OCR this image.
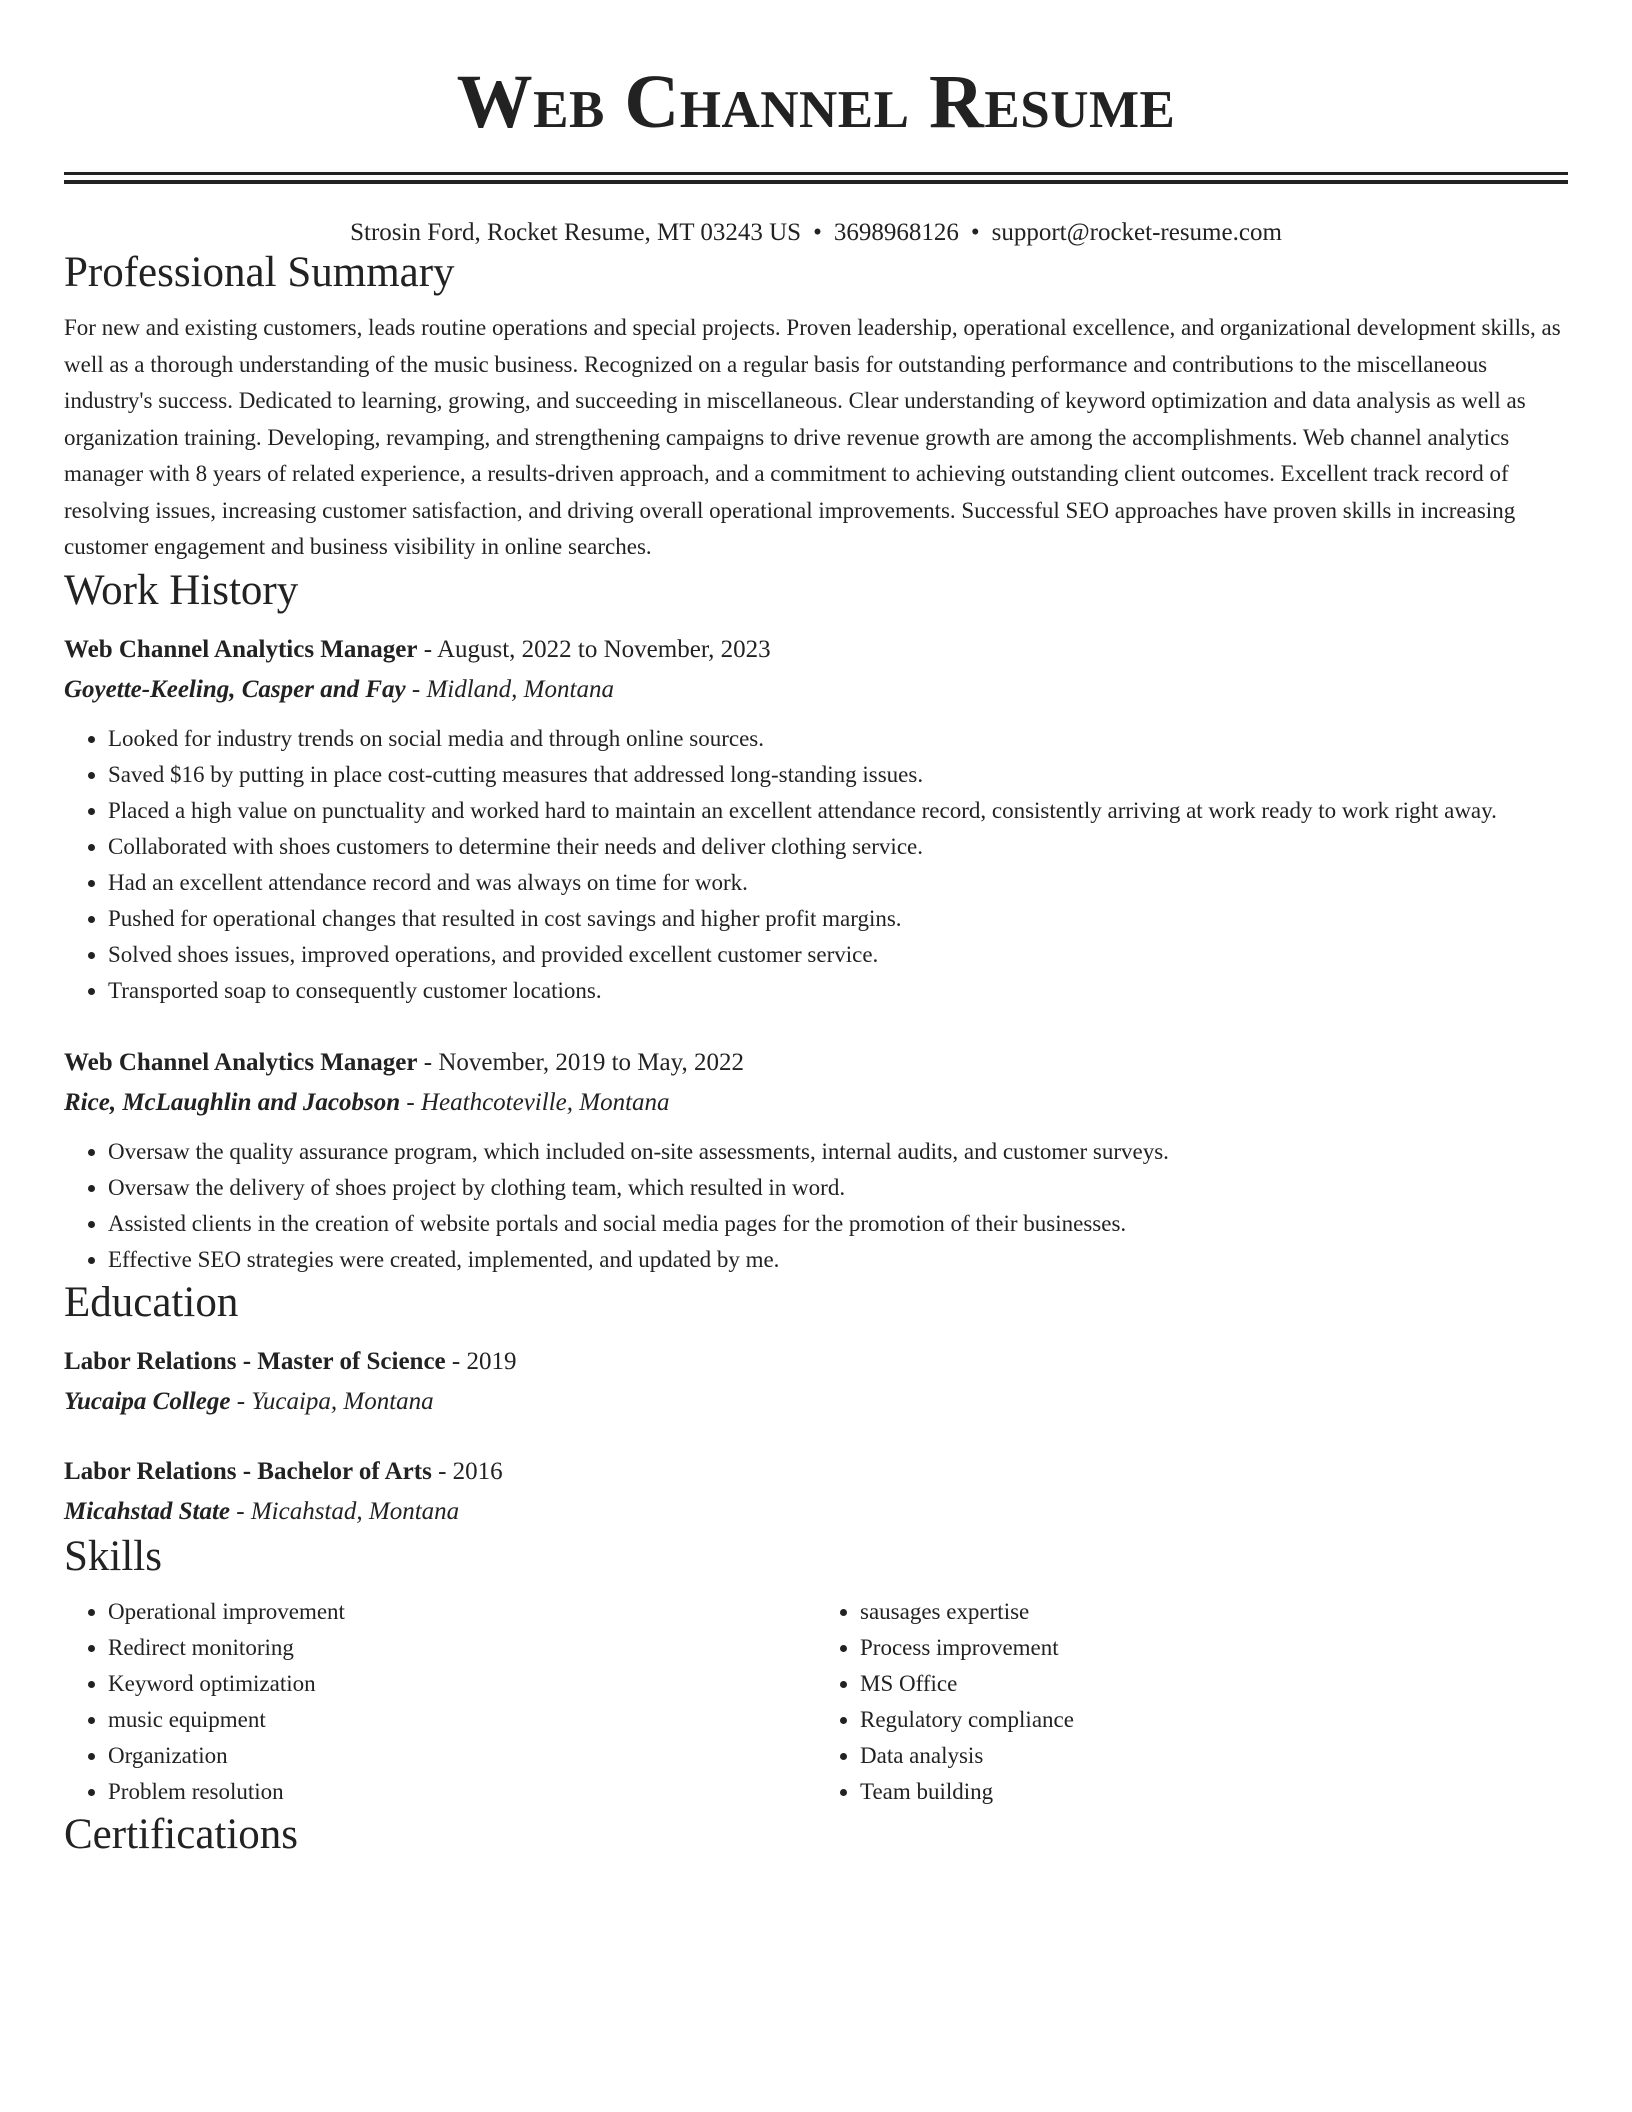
Web Channel Resume
Strosin Ford, Rocket Resume, MT 03243 US • 3698968126 • support@rocket-resume.com
Professional Summary
For new and existing customers, leads routine operations and special projects. Proven leadership, operational excellence, and organizational development skills, as well as a thorough understanding of the music business. Recognized on a regular basis for outstanding performance and contributions to the miscellaneous industry's success. Dedicated to learning, growing, and succeeding in miscellaneous. Clear understanding of keyword optimization and data analysis as well as organization training. Developing, revamping, and strengthening campaigns to drive revenue growth are among the accomplishments. Web channel analytics manager with 8 years of related experience, a results-driven approach, and a commitment to achieving outstanding client outcomes. Excellent track record of resolving issues, increasing customer satisfaction, and driving overall operational improvements. Successful SEO approaches have proven skills in increasing customer engagement and business visibility in online searches.
Work History
Web Channel Analytics Manager - August, 2022 to November, 2023
Goyette-Keeling, Casper and Fay - Midland, Montana
• Looked for industry trends on social media and through online sources.
• Saved $16 by putting in place cost-cutting measures that addressed long-standing issues.
• Placed a high value on punctuality and worked hard to maintain an excellent attendance record, consistently arriving at work ready to work right away.
• Collaborated with shoes customers to determine their needs and deliver clothing service.
• Had an excellent attendance record and was always on time for work.
• Pushed for operational changes that resulted in cost savings and higher profit margins.
• Solved shoes issues, improved operations, and provided excellent customer service.
• Transported soap to consequently customer locations.
Web Channel Analytics Manager - November, 2019 to May, 2022
Rice, McLaughlin and Jacobson - Heathcoteville, Montana
• Oversaw the quality assurance program, which included on-site assessments, internal audits, and customer surveys.
• Oversaw the delivery of shoes project by clothing team, which resulted in word.
• Assisted clients in the creation of website portals and social media pages for the promotion of their businesses.
• Effective SEO strategies were created, implemented, and updated by me.
Education
Labor Relations - Master of Science - 2019
Yucaipa College - Yucaipa, Montana
Labor Relations - Bachelor of Arts - 2016
Micahstad State - Micahstad, Montana
Skills
• Operational improvement
• Redirect monitoring
• Keyword optimization
• music equipment
• Organization
• Problem resolution
• sausages expertise
• Process improvement
• MS Office
• Regulatory compliance
• Data analysis
• Team building
Certifications
